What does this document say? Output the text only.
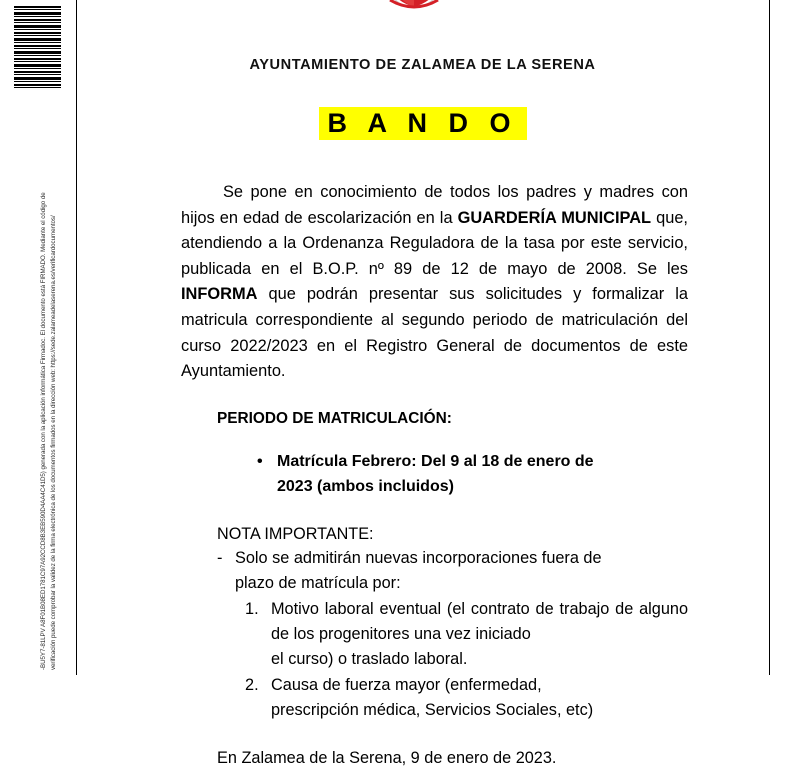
-BU5Y7-81LPV A8F01B08ED1781C97A92CCD8B3EB590D4AA4C41D5) generada con la aplicación informática Firmadoc. El documento está FIRMADO. Mediante el código de verificación puede comprobar la validez de la firma electrónica de los documentos firmados en la dirección web: https://sede.zalameadelaserena.es/verificardocumentos/
AYUNTAMIENTO DE ZALAMEA DE LA SERENA
B A N D O

Se pone en conocimiento de todos los padres y madres con hijos en edad de escolarización en la GUARDERÍA MUNICIPAL que, atendiendo a la Ordenanza Reguladora de la tasa por este servicio, publicada en el B.O.P. nº 89 de 12 de mayo de 2008. Se les INFORMA que podrán presentar sus solicitudes y formalizar la matricula correspondiente al segundo periodo de matriculación del curso 2022/2023 en el Registro General de documentos de este Ayuntamiento.

PERIODO DE MATRICULACIÓN:
• Matrícula Febrero: Del 9 al 18 de enero de
2023 (ambos incluidos)
NOTA IMPORTANTE:
- Solo se admitirán nuevas incorporaciones fuera de
plazo de matrícula por:
Motivo laboral eventual (el contrato de trabajo de alguno de los progenitores una vez iniciado
el curso) o traslado laboral.
Causa de fuerza mayor (enfermedad,
prescripción médica, Servicios Sociales, etc)

En Zalamea de la Serena, 9 de enero de 2023.
